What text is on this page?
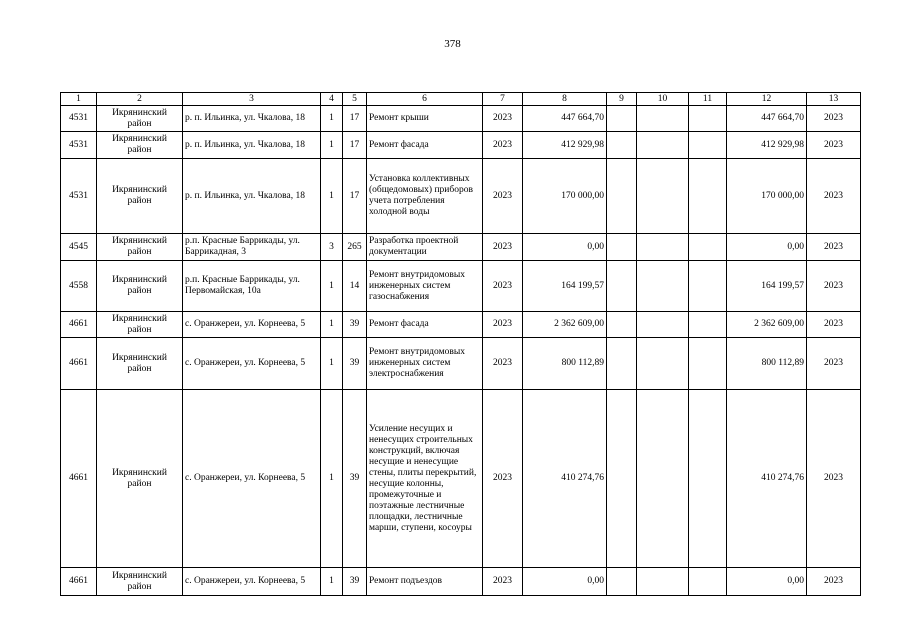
378
1	2	3	4	5	6	7	8	9	10	11	12	13
4531	Икрянинский район	р. п. Ильинка, ул. Чкалова, 18	1	17	Ремонт крыши	2023	447 664,70				447 664,70	2023
4531	Икрянинский район	р. п. Ильинка, ул. Чкалова, 18	1	17	Ремонт фасада	2023	412 929,98				412 929,98	2023
4531	Икрянинский район	р. п. Ильинка, ул. Чкалова, 18	1	17	Установка коллективных (общедомовых) приборов учета потребления холодной воды	2023	170 000,00				170 000,00	2023
4545	Икрянинский район	р.п. Красные Баррикады, ул. Баррикадная, 3	3	265	Разработка проектной документации	2023	0,00				0,00	2023
4558	Икрянинский район	р.п. Красные Баррикады, ул. Первомайская, 10а	1	14	Ремонт внутридомовых инженерных систем газоснабжения	2023	164 199,57				164 199,57	2023
4661	Икрянинский район	с. Оранжереи, ул. Корнеева, 5	1	39	Ремонт фасада	2023	2 362 609,00				2 362 609,00	2023
4661	Икрянинский район	с. Оранжереи, ул. Корнеева, 5	1	39	Ремонт внутридомовых инженерных систем электроснабжения	2023	800 112,89				800 112,89	2023
4661	Икрянинский район	с. Оранжереи, ул. Корнеева, 5	1	39	Усиление несущих и ненесущих строительных конструкций, включая несущие и ненесущие стены, плиты перекрытий, несущие колонны, промежуточные и поэтажные лестничные площадки, лестничные марши, ступени, косоуры	2023	410 274,76				410 274,76	2023
4661	Икрянинский район	с. Оранжереи, ул. Корнеева, 5	1	39	Ремонт подъездов	2023	0,00				0,00	2023
